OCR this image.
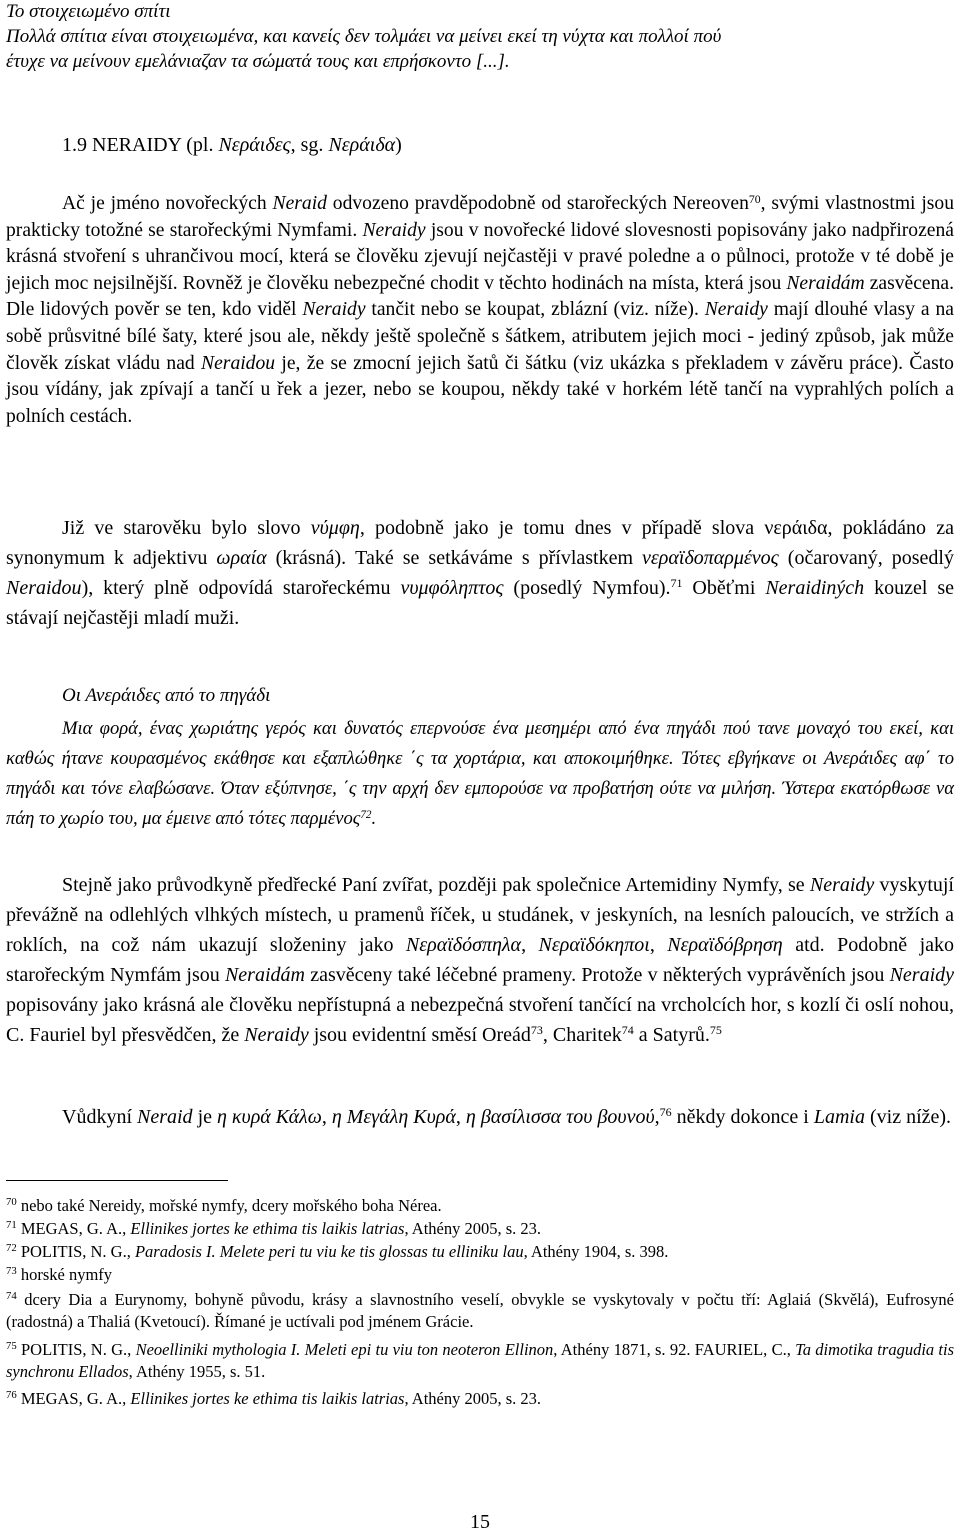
Το στοιχειωμένο σπίτι
Πολλά σπίτια είναι στοιχειωμένα, και κανείς δεν τολμάει να μείνει εκεί τη νύχτα και πολλοί πού
έτυχε να μείνουν εμελάνιαζαν τα σώματά τους και επρήσκοντο [...].
1.9 NERAIDY (pl. Νεράιδες, sg. Νεράιδα)

Ač je jméno novořeckých Neraid odvozeno pravděpodobně od starořeckých Nereoven$^{70}$, svými vlastnostmi jsou prakticky totožné se starořeckými Nymfami. Neraidy jsou v novořecké lidové slovesnosti popisovány jako nadpřirozená krásná stvoření s uhrančivou mocí, která se člověku zjevují nejčastěji v pravé poledne a o půlnoci, protože v té době je jejich moc nejsilnější. Rovněž je člověku nebezpečné chodit v těchto hodinách na místa, která jsou Neraidám zasvěcena. Dle lidových pověr se ten, kdo viděl Neraidy tančit nebo se koupat, zblázní (viz. níže). Neraidy mají dlouhé vlasy a na sobě průsvitné bílé šaty, které jsou ale, někdy ještě společně s šátkem, atributem jejich moci - jediný způsob, jak může člověk získat vládu nad Neraidou je, že se zmocní jejich šatů či šátku (viz ukázka s překladem v závěru práce). Často jsou vídány, jak zpívají a tančí u řek a jezer, nebo se koupou, někdy také v horkém létě tančí na vyprahlých polích a polních cestách.

Již ve starověku bylo slovo νύμφη, podobně jako je tomu dnes v případě slova νεράιδα, pokládáno za synonymum k adjektivu ωραία (krásná). Také se setkáváme s přívlastkem νεραϊδοπαρμένος (očarovaný, posedlý Neraidou), který plně odpovídá starořeckému νυμφόληπτος (posedlý Nymfou).$^{71}$ Oběťmi Neraidiných kouzel se stávají nejčastěji mladí muži.

Οι Ανεράιδες από το πηγάδι

Μια φορά, ένας χωριάτης γερός και δυνατός επερνούσε ένα μεσημέρι από ένα πηγάδι πού τανε μοναχό του εκεί, και καθώς ήτανε κουρασμένος εκάθησε και εξαπλώθηκε ΄ς τα χορτάρια, και αποκοιμήθηκε. Τότες εβγήκανε οι Ανεράιδες αφ΄ το πηγάδι και τόνε ελαβώσανε. Όταν εξύπνησε, ΄ς την αρχή δεν εμπορούσε να προβατήση ούτε να μιλήση. Ύστερα εκατόρθωσε να πάη το χωρίο του, μα έμεινε από τότες παρμένος$^{72}$.

Stejně jako průvodkyně předřecké Paní zvířat, později pak společnice Artemidiny Nymfy, se Neraidy vyskytují převážně na odlehlých vlhkých místech, u pramenů říček, u studánek, v jeskyních, na lesních paloucích, ve stržích a roklích, na což nám ukazují složeniny jako Νεραϊδόσπηλα, Νεραϊδόκηποι, Νεραϊδόβρηση atd. Podobně jako starořeckým Nymfám jsou Neraidám zasvěceny také léčebné prameny. Protože v některých vyprávěních jsou Neraidy popisovány jako krásná ale člověku nepřístupná a nebezpečná stvoření tančící na vrcholcích hor, s kozlí či oslí nohou, C. Fauriel byl přesvědčen, že Neraidy jsou evidentní směsí Oreád$^{73}$, Charitek$^{74}$ a Satyrů.$^{75}$

Vůdkyní Neraid je η κυρά Κάλω, η Μεγάλη Κυρά, η βασίλισσα του βουνού,$^{76}$ někdy dokonce i Lamia (viz níže).

$^{70}$ nebo také Nereidy, mořské nymfy, dcery mořského boha Nérea.

$^{71}$ MEGAS, G. A., Ellinikes jortes ke ethima tis laikis latrias, Athény 2005, s. 23.

$^{72}$ POLITIS, N. G., Paradosis I. Melete peri tu viu ke tis glossas tu elliniku lau, Athény 1904, s. 398.

$^{73}$ horské nymfy

$^{74}$ dcery Dia a Eurynomy, bohyně původu, krásy a slavnostního veselí, obvykle se vyskytovaly v počtu tří: Aglaiá (Skvělá), Eufrosyné (radostná) a Thaliá (Kvetoucí). Římané je uctívali pod jménem Grácie.

$^{75}$ POLITIS, N. G., Neoelliniki mythologia I. Meleti epi tu viu ton neoteron Ellinon, Athény 1871, s. 92. FAURIEL, C., Ta dimotika tragudia tis synchronu Ellados, Athény 1955, s. 51.

$^{76}$ MEGAS, G. A., Ellinikes jortes ke ethima tis laikis latrias, Athény 2005, s. 23.

15
